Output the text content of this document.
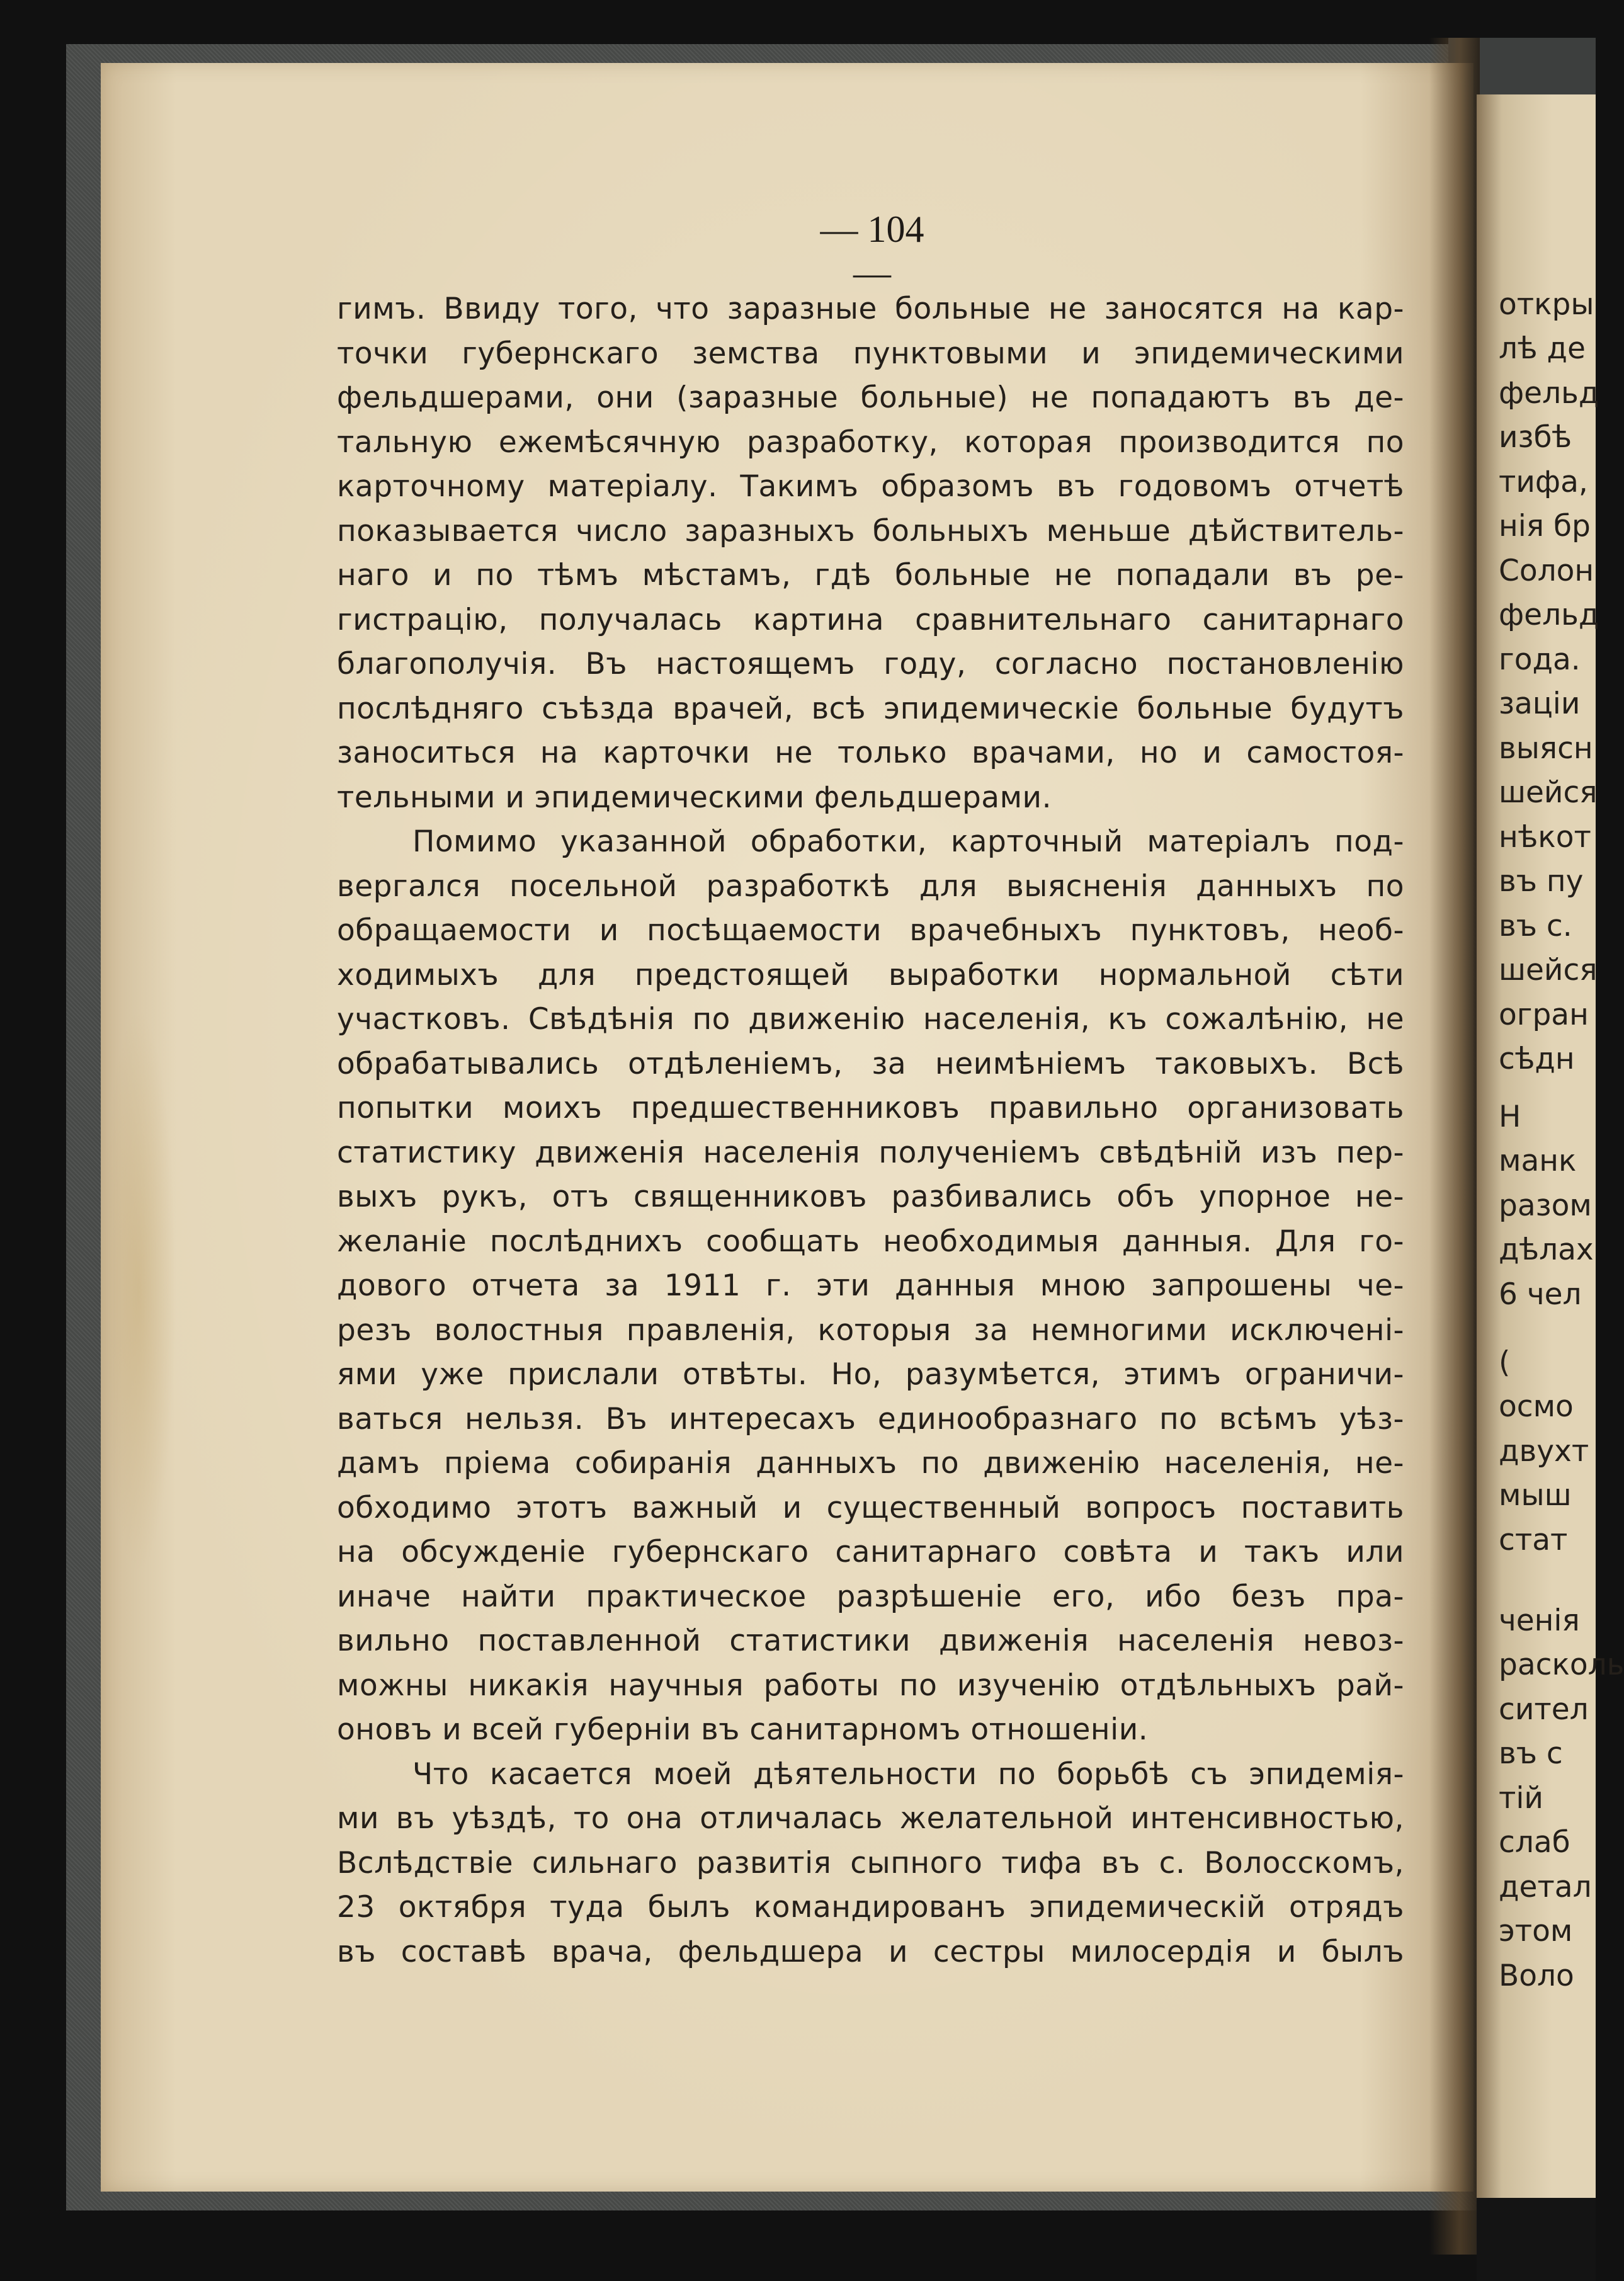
— 104 —
гимъ. Ввиду того, что заразные больные не заносятся на кар-
точки губернскаго земства пунктовыми и эпидемическими
фельдшерами, они (заразные больные) не попадаютъ въ де-
тальную ежемѣсячную разработку, которая производится по
карточному матеріалу. Такимъ образомъ въ годовомъ отчетѣ
показывается число заразныхъ больныхъ меньше дѣйствитель-
наго и по тѣмъ мѣстамъ, гдѣ больные не попадали въ ре-
гистрацію, получалась картина сравнительнаго санитарнаго
благополучія. Въ настоящемъ году, согласно постановленію
послѣдняго съѣзда врачей, всѣ эпидемическіе больные будутъ
заноситься на карточки не только врачами, но и самостоя-
тельными и эпидемическими фельдшерами.
Помимо указанной обработки, карточный матеріалъ под-
вергался посельной разработкѣ для выясненія данныхъ по
обращаемости и посѣщаемости врачебныхъ пунктовъ, необ-
ходимыхъ для предстоящей выработки нормальной сѣти
участковъ. Свѣдѣнія по движенію населенія, къ сожалѣнію, не
обрабатывались отдѣленіемъ, за неимѣніемъ таковыхъ. Всѣ
попытки моихъ предшественниковъ правильно организовать
статистику движенія населенія полученіемъ свѣдѣній изъ пер-
выхъ рукъ, отъ священниковъ разбивались объ упорное не-
желаніе послѣднихъ сообщать необходимыя данныя. Для го-
дового отчета за 1911 г. эти данныя мною запрошены че-
резъ волостныя правленія, которыя за немногими исключені-
ями уже прислали отвѣты. Но, разумѣется, этимъ ограничи-
ваться нельзя. Въ интересахъ единообразнаго по всѣмъ уѣз-
дамъ пріема собиранія данныхъ по движенію населенія, не-
обходимо этотъ важный и существенный вопросъ поставить
на обсужденіе губернскаго санитарнаго совѣта и такъ или
иначе найти практическое разрѣшеніе его, ибо безъ пра-
вильно поставленной статистики движенія населенія невоз-
можны никакія научныя работы по изученію отдѣльныхъ рай-
оновъ и всей губерніи въ санитарномъ отношеніи.
Что касается моей дѣятельности по борьбѣ съ эпидемія-
ми въ уѣздѣ, то она отличалась желательной интенсивностью,
Вслѣдствіе сильнаго развитія сыпного тифа въ с. Волосскомъ,
23 октября туда былъ командированъ эпидемическій отрядъ
въ составѣ врача, фельдшера и сестры милосердія и былъ
откры
лѣ де
фельд
избѣ
тифа,
нія бр
Солон
фельд
года.
заціи
выясн
шейся
нѣкот
въ пу
въ с.
шейся
огран
сѣдн
Н
манк
разом
дѣлах
6 чел
(
осмо
двухт
мыш
стат
ченія
расколь
сител
въ с
тій
слаб
детал
этом
Воло
